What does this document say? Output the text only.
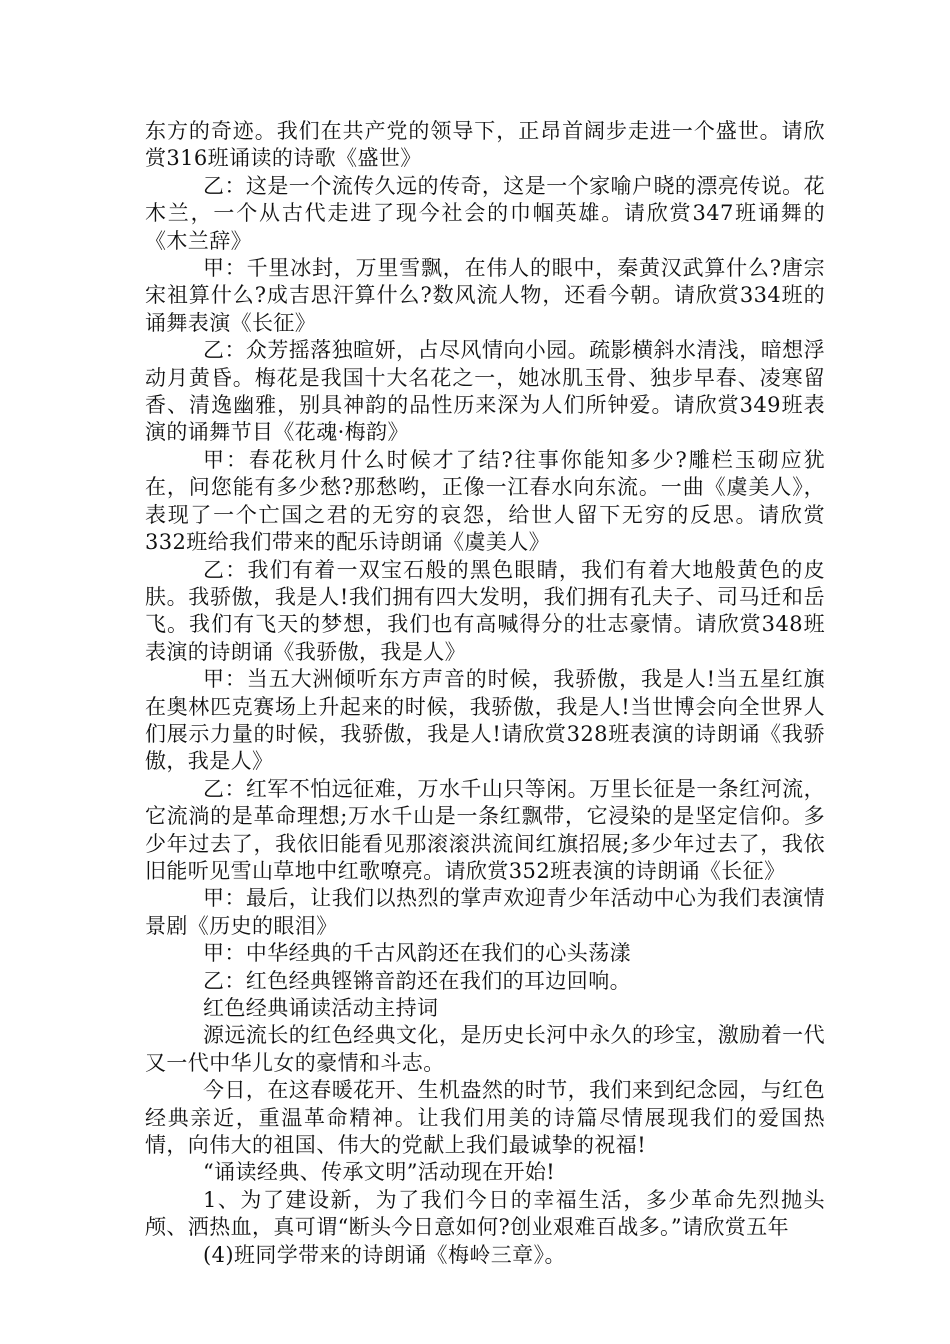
东方的奇迹。我们在共产党的领导下，正昂首阔步走进一个盛世。请欣赏316班诵读的诗歌《盛世》

乙：这是一个流传久远的传奇，这是一个家喻户晓的漂亮传说。花木兰，一个从古代走进了现今社会的巾帼英雄。请欣赏347班诵舞的《木兰辞》

甲：千里冰封，万里雪飘，在伟人的眼中，秦黄汉武算什么?唐宗宋祖算什么?成吉思汗算什么?数风流人物，还看今朝。请欣赏334班的诵舞表演《长征》

乙：众芳摇落独暄妍，占尽风情向小园。疏影横斜水清浅，暗想浮动月黄昏。梅花是我国十大名花之一，她冰肌玉骨、独步早春、凌寒留香、清逸幽雅，别具神韵的品性历来深为人们所钟爱。请欣赏349班表演的诵舞节目《花魂·梅韵》

甲：春花秋月什么时候才了结?往事你能知多少?雕栏玉砌应犹在，问您能有多少愁?那愁哟，正像一江春水向东流。一曲《虞美人》，表现了一个亡国之君的无穷的哀怨，给世人留下无穷的反思。请欣赏332班给我们带来的配乐诗朗诵《虞美人》

乙：我们有着一双宝石般的黑色眼睛，我们有着大地般黄色的皮肤。我骄傲，我是人!我们拥有四大发明，我们拥有孔夫子、司马迁和岳飞。我们有飞天的梦想，我们也有高喊得分的壮志豪情。请欣赏348班表演的诗朗诵《我骄傲，我是人》

甲：当五大洲倾听东方声音的时候，我骄傲，我是人!当五星红旗在奥林匹克赛场上升起来的时候，我骄傲，我是人!当世博会向全世界人们展示力量的时候，我骄傲，我是人!请欣赏328班表演的诗朗诵《我骄傲，我是人》

乙：红军不怕远征难，万水千山只等闲。万里长征是一条红河流，它流淌的是革命理想;万水千山是一条红飘带，它浸染的是坚定信仰。多少年过去了，我依旧能看见那滚滚洪流间红旗招展;多少年过去了，我依旧能听见雪山草地中红歌嘹亮。请欣赏352班表演的诗朗诵《长征》

甲：最后，让我们以热烈的掌声欢迎青少年活动中心为我们表演情景剧《历史的眼泪》

甲：中华经典的千古风韵还在我们的心头荡漾

乙：红色经典铿锵音韵还在我们的耳边回响。

红色经典诵读活动主持词

源远流长的红色经典文化，是历史长河中永久的珍宝，激励着一代又一代中华儿女的豪情和斗志。

今日，在这春暖花开、生机盎然的时节，我们来到纪念园，与红色经典亲近，重温革命精神。让我们用美的诗篇尽情展现我们的爱国热情，向伟大的祖国、伟大的党献上我们最诚挚的祝福!

“诵读经典、传承文明”活动现在开始!

1、为了建设新，为了我们今日的幸福生活，多少革命先烈抛头颅、洒热血，真可谓“断头今日意如何?创业艰难百战多。”请欣赏五年

(4)班同学带来的诗朗诵《梅岭三章》。
